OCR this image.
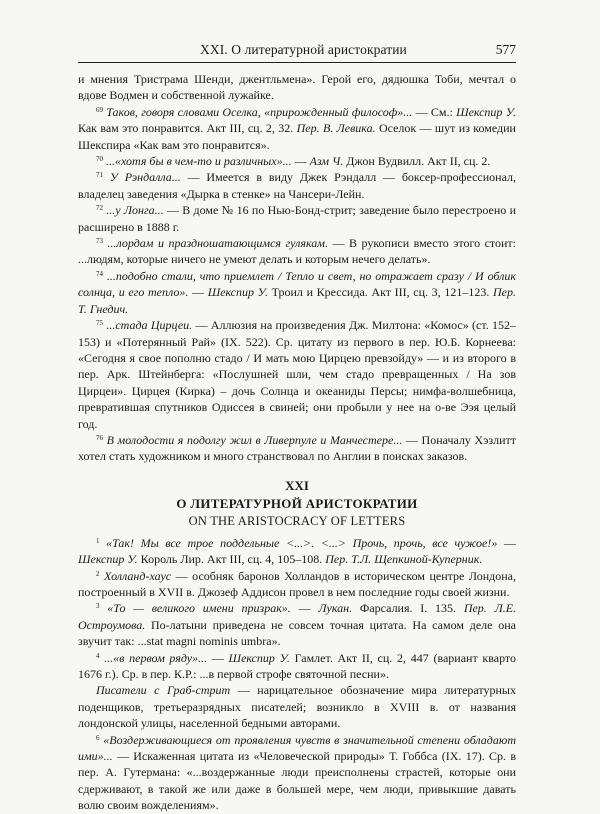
XXI. О литературной аристократии	577

и мнения Тристрама Шенди, джентльмена». Герой его, дядюшка Тоби, мечтал о вдове Водмен и собственной лужайке.

$^{69}$ Таков, говоря словами Оселка, «прирожденный философ»... — См.: Шекспир У. Как вам это понравится. Акт III, сц. 2, 32. Пер. В. Левика. Оселок — шут из комедии Шекспира «Как вам это понравится».

$^{70}$ ...«хотя бы в чем-то и различных»... — Азм Ч. Джон Вудвилл. Акт II, сц. 2.

$^{71}$ У Рэндалла... — Имеется в виду Джек Рэндалл — боксер-профессионал, владелец заведения «Дырка в стенке» на Чансери-Лейн.

$^{72}$ ...у Лонга... — В доме № 16 по Нью-Бонд-стрит; заведение было перестроено и расширено в 1888 г.

$^{73}$ ...лордам и праздношатающимся гулякам. — В рукописи вместо этого стоит: ...людям, которые ничего не умеют делать и которым нечего делать».

$^{74}$ ...подобно стали, что приемлет / Тепло и свет, но отражает сразу / И облик солнца, и его тепло». — Шекспир У. Троил и Крессида. Акт III, сц. 3, 121–123. Пер. Т. Гнедич.

$^{75}$ ...стада Цирцеи. — Аллюзия на произведения Дж. Милтона: «Комос» (ст. 152–153) и «Потерянный Рай» (IX. 522). Ср. цитату из первого в пер. Ю.Б. Корнеева: «Сегодня я свое пополню стадо / И мать мою Цирцею превзойду» — и из второго в пер. Арк. Штейнберга: «Послушней шли, чем стадо превращенных / На зов Цирцеи». Цирцея (Кирка) – дочь Солнца и океаниды Персы; нимфа-волшебница, превратившая спутников Одиссея в свиней; они пробыли у нее на о-ве Ээя целый год.

$^{76}$ В молодости я подолгу жил в Ливерпуле и Манчестере... — Поначалу Хэзлитт хотел стать художником и много странствовал по Англии в поисках заказов.

XXI
О ЛИТЕРАТУРНОЙ АРИСТОКРАТИИ
ON THE ARISTOCRACY OF LETTERS

$^1$ «Так! Мы все трое поддельные <...>. <...> Прочь, прочь, все чужое!» — Шекспир У. Король Лир. Акт III, сц. 4, 105–108. Пер. Т.Л. Щепкиной-Куперник.

$^2$ Холланд-хаус — особняк баронов Холландов в историческом центре Лондона, построенный в XVII в. Джозеф Аддисон провел в нем последние годы своей жизни.

$^3$ «То — великого имени призрак». — Лукан. Фарсалия. I. 135. Пер. Л.Е. Остроумова. По-латыни приведена не совсем точная цитата. На самом деле она звучит так: ...stat magni nominis umbra».

$^4$ ...«в первом ряду»... — Шекспир У. Гамлет. Акт II, сц. 2, 447 (вариант кварто 1676 г.). Ср. в пер. К.Р.: ...в первой строфе святочной песни».

Писатели с Граб-стрит — нарицательное обозначение мира литературных поденщиков, третьеразрядных писателей; возникло в XVIII в. от названия лондонской улицы, населенной бедными авторами.

$^6$ «Воздерживающиеся от проявления чувств в значительной степени обладают ими»... — Искаженная цитата из «Человеческой природы» Т. Гоббса (IX. 17). Ср. в пер. А. Гутермана: «...воздержанные люди преисполнены страстей, которые они сдерживают, в такой же или даже в большей мере, чем люди, привыкшие давать волю своим вожделениям».
